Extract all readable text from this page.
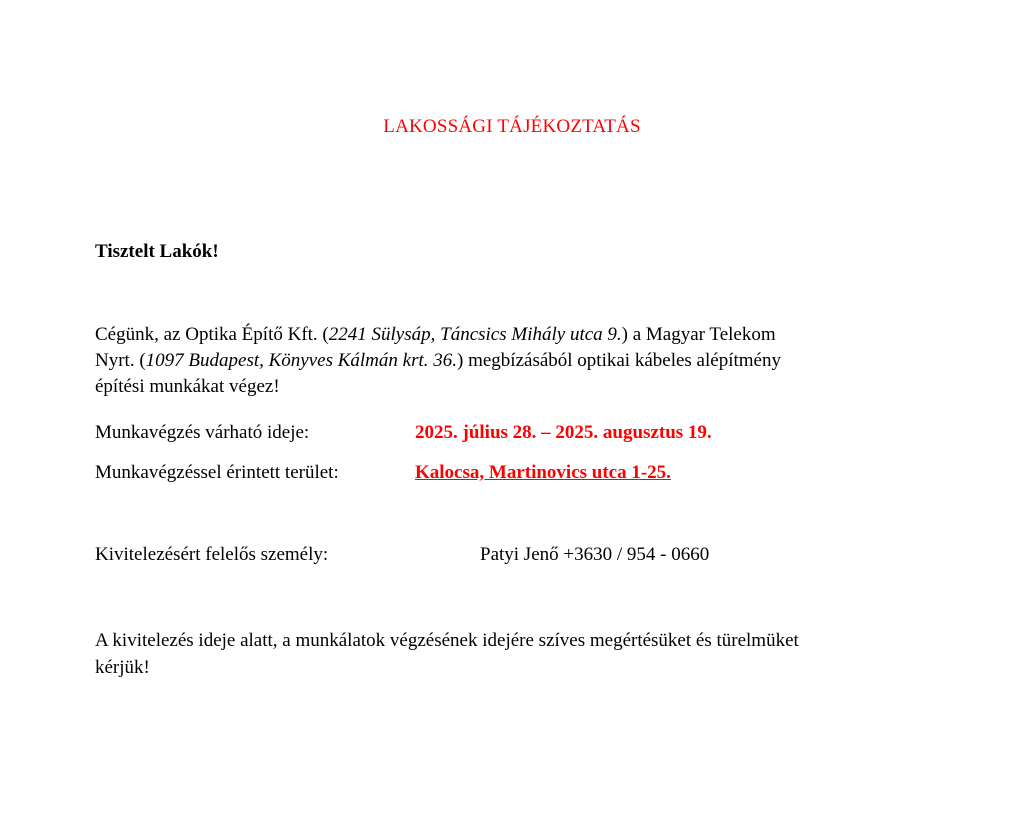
LAKOSSÁGI TÁJÉKOZTATÁS
Tisztelt Lakók!
Cégünk, az Optika Építő Kft. (2241 Sülysáp, Táncsics Mihály utca 9.) a Magyar Telekom
Nyrt. (1097 Budapest, Könyves Kálmán krt. 36.) megbízásából optikai kábeles alépítmény
építési munkákat végez!
Munkavégzés várható ideje:	2025. július 28. – 2025. augusztus 19.
Munkavégzéssel érintett terület:	Kalocsa, Martinovics utca 1-25.
Kivitelezésért felelős személy:	Patyi Jenő +3630 / 954 - 0660
A kivitelezés ideje alatt, a munkálatok végzésének idejére szíves megértésüket és türelmüket
kérjük!
